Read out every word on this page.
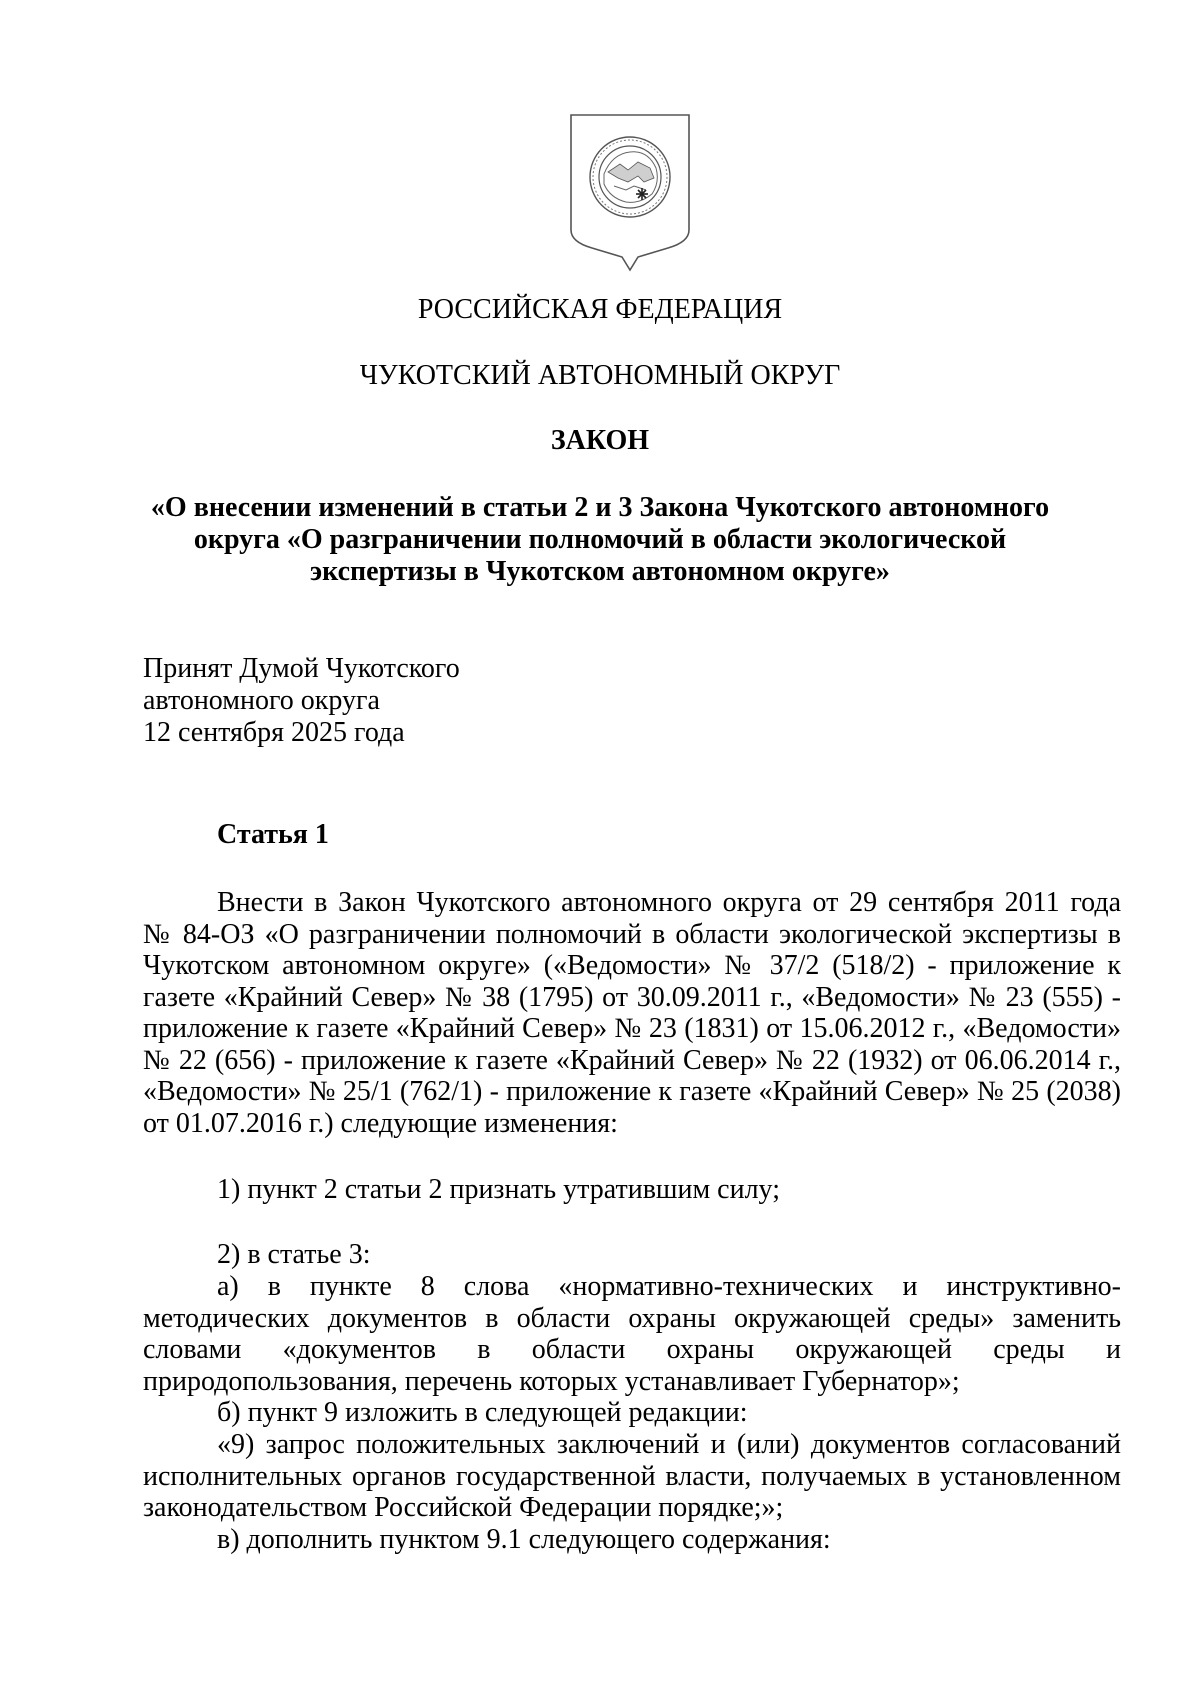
РОССИЙСКАЯ ФЕДЕРАЦИЯ
ЧУКОТСКИЙ АВТОНОМНЫЙ ОКРУГ
ЗАКОН
«О внесении изменений в статьи 2 и 3 Закона Чукотского автономного
округа «О разграничении полномочий в области экологической
экспертизы в Чукотском автономном округе»
Принят Думой Чукотского
автономного округа
12 сентября 2025 года
Статья 1
Внести в Закон Чукотского автономного округа от 29 сентября 2011 года
№ 84-ОЗ «О разграничении полномочий в области экологической экспертизы в
Чукотском автономном округе» («Ведомости» № 37/2 (518/2) - приложение к
газете «Крайний Север» № 38 (1795) от 30.09.2011 г., «Ведомости» № 23 (555) -
приложение к газете «Крайний Север» № 23 (1831) от 15.06.2012 г., «Ведомости»
№ 22 (656) - приложение к газете «Крайний Север» № 22 (1932) от 06.06.2014 г.,
«Ведомости» № 25/1 (762/1) - приложение к газете «Крайний Север» № 25 (2038)
от 01.07.2016 г.) следующие изменения:
1) пункт 2 статьи 2 признать утратившим силу;
2) в статье 3:
а) в пункте 8 слова «нормативно-технических и инструктивно-
методических документов в области охраны окружающей среды» заменить
словами «документов в области охраны окружающей среды и
природопользования, перечень которых устанавливает Губернатор»;
б) пункт 9 изложить в следующей редакции:
«9) запрос положительных заключений и (или) документов согласований
исполнительных органов государственной власти, получаемых в установленном
законодательством Российской Федерации порядке;»;
в) дополнить пунктом 9.1 следующего содержания:
